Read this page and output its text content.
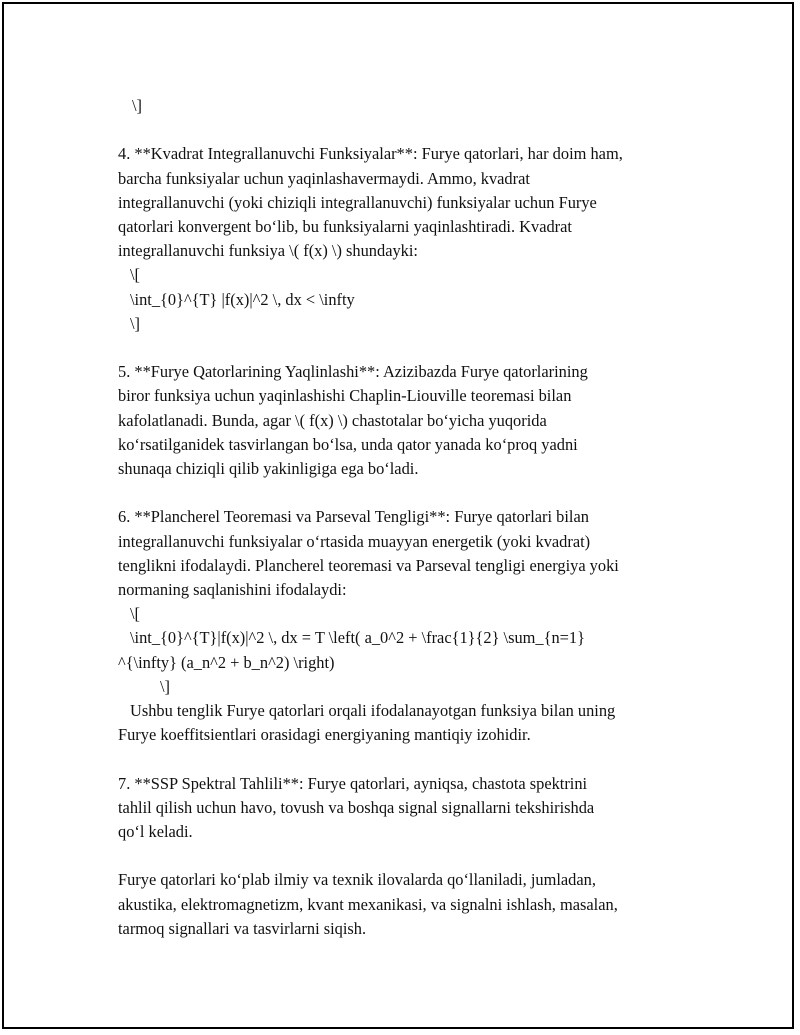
\]
4. **Kvadrat Integrallanuvchi Funksiyalar**: Furye qatorlari, har doim ham,
barcha funksiyalar uchun yaqinlashavermaydi. Ammo, kvadrat
integrallanuvchi (yoki chiziqli integrallanuvchi) funksiyalar uchun Furye
qatorlari konvergent bo‘lib, bu funksiyalarni yaqinlashtiradi. Kvadrat
integrallanuvchi funksiya \( f(x) \) shundayki:
\[
\int_{0}^{T} |f(x)|^2 \, dx < \infty
\]
5. **Furye Qatorlarining Yaqlinlashi**: Azizibazda Furye qatorlarining
biror funksiya uchun yaqinlashishi Chaplin-Liouville teoremasi bilan
kafolatlanadi. Bunda, agar \( f(x) \) chastotalar bo‘yicha yuqorida
ko‘rsatilganidek tasvirlangan bo‘lsa, unda qator yanada ko‘proq yadni
shunaqa chiziqli qilib yakinligiga ega bo‘ladi.
6. **Plancherel Teoremasi va Parseval Tengligi**: Furye qatorlari bilan
integrallanuvchi funksiyalar o‘rtasida muayyan energetik (yoki kvadrat)
tenglikni ifodalaydi. Plancherel teoremasi va Parseval tengligi energiya yoki
normaning saqlanishini ifodalaydi:
\[
\int_{0}^{T}|f(x)|^2 \, dx = T \left( a_0^2 + \frac{1}{2} \sum_{n=1}
^{\infty} (a_n^2 + b_n^2) \right)
\]
Ushbu tenglik Furye qatorlari orqali ifodalanayotgan funksiya bilan uning
Furye koeffitsientlari orasidagi energiyaning mantiqiy izohidir.
7. **SSP Spektral Tahlili**: Furye qatorlari, ayniqsa, chastota spektrini
tahlil qilish uchun havo, tovush va boshqa signal signallarni tekshirishda
qo‘l keladi.
Furye qatorlari ko‘plab ilmiy va texnik ilovalarda qo‘llaniladi, jumladan,
akustika, elektromagnetizm, kvant mexanikasi, va signalni ishlash, masalan,
tarmoq signallari va tasvirlarni siqish.
